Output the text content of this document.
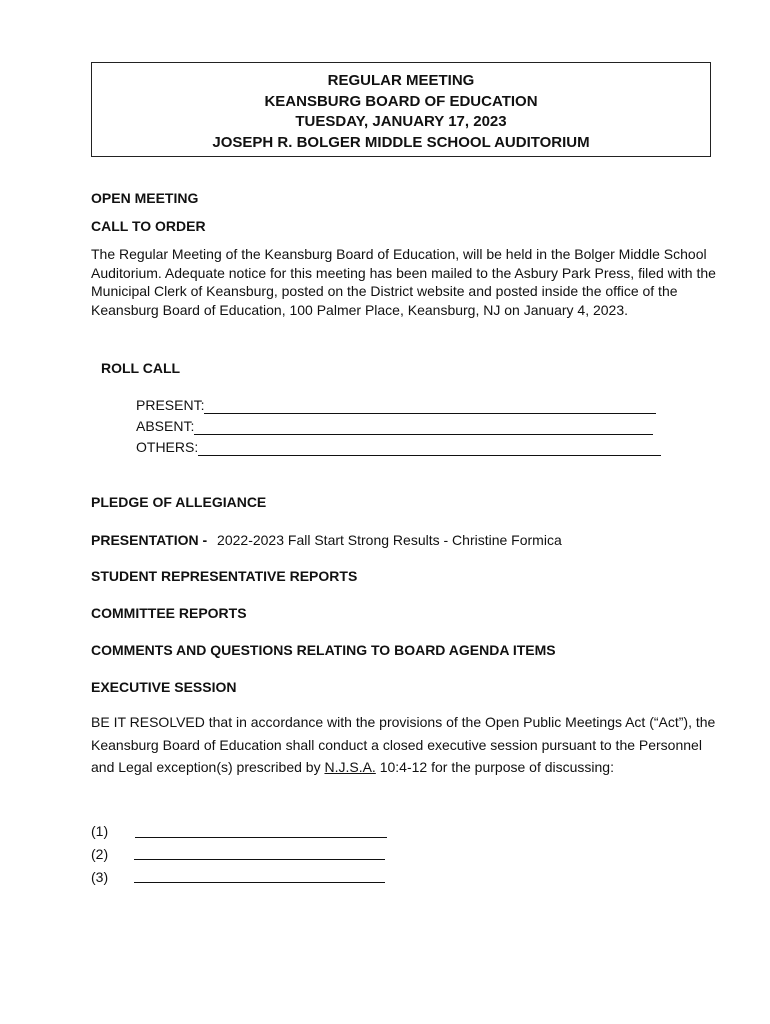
REGULAR MEETING
KEANSBURG BOARD OF EDUCATION
TUESDAY, JANUARY 17, 2023
JOSEPH R. BOLGER MIDDLE SCHOOL AUDITORIUM
OPEN MEETING
CALL TO ORDER
The Regular Meeting of the Keansburg Board of Education, will be held in the Bolger Middle School Auditorium. Adequate notice for this meeting has been mailed to the Asbury Park Press, filed with the Municipal Clerk of Keansburg, posted on the District website and posted inside the office of the Keansburg Board of Education, 100 Palmer Place, Keansburg, NJ on January 4, 2023.
ROLL CALL
PRESENT:
ABSENT:
OTHERS:
PLEDGE OF ALLEGIANCE
PRESENTATION - 2022-2023 Fall Start Strong Results - Christine Formica
STUDENT REPRESENTATIVE REPORTS
COMMITTEE REPORTS
COMMENTS AND QUESTIONS RELATING TO BOARD AGENDA ITEMS
EXECUTIVE SESSION
BE IT RESOLVED that in accordance with the provisions of the Open Public Meetings Act (“Act”), the Keansburg Board of Education shall conduct a closed executive session pursuant to the Personnel and Legal exception(s) prescribed by N.J.S.A. 10:4-12 for the purpose of discussing:
(1)
(2)
(3)
